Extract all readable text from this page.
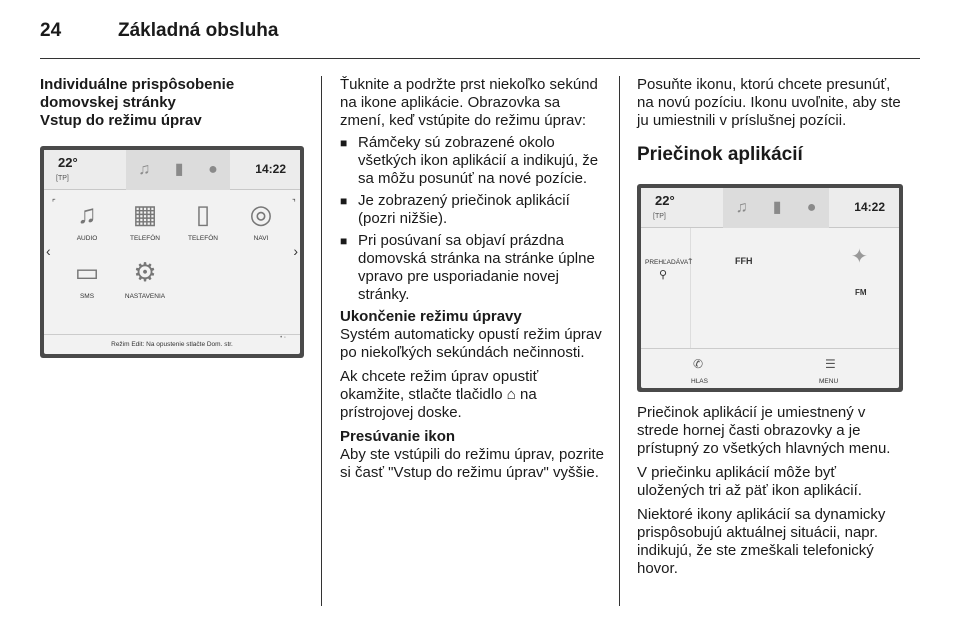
24	Základná obsluha
Individuálne prispôsobenie domovskej stránky
Vstup do režimu úprav
22°
[TP]
♫ ▮ ●	14:22
⌜	⌝
‹	›
♫
AUDIO
▦
TELEFÓN
▯
TELEFÓN
◎
NAVI
▭
SMS
⚙
NASTAVENIA
Režim Edit: Na opustenie stlačte Dom. str.
• ◦
Ťuknite a podržte prst niekoľko sekúnd na ikone aplikácie. Obrazovka sa zmení, keď vstúpite do režimu úprav:
■ Rámčeky sú zobrazené okolo všetkých ikon aplikácií a indikujú, že sa môžu posunúť na nové pozície.
■ Je zobrazený priečinok aplikácií (pozri nižšie).
■ Pri posúvaní sa objaví prázdna domovská stránka na stránke úplne vpravo pre usporiadanie novej stránky.
Ukončenie režimu úpravy
Systém automaticky opustí režim úprav po niekoľkých sekúndách nečinnosti.
Ak chcete režim úprav opustiť okamžite, stlačte tlačidlo ⌂ na prístrojovej doske.
Presúvanie ikon
Aby ste vstúpili do režimu úprav, pozrite si časť "Vstup do režimu úprav" vyššie.
Posuňte ikonu, ktorú chcete presunúť, na novú pozíciu. Ikonu uvoľnite, aby ste ju umiestnili v príslušnej pozícii.
Priečinok aplikácií
22°
[TP]
♫ ▮ ●	14:22
PREHĽADÁVAŤ
⚲
FFH	✦
FM
✆
HLAS
☰
MENU
Priečinok aplikácií je umiestnený v strede hornej časti obrazovky a je prístupný zo všetkých hlavných menu.
V priečinku aplikácií môže byť uložených tri až päť ikon aplikácií.
Niektoré ikony aplikácií sa dynamicky prispôsobujú aktuálnej situácii, napr. indikujú, že ste zmeškali telefonický hovor.
